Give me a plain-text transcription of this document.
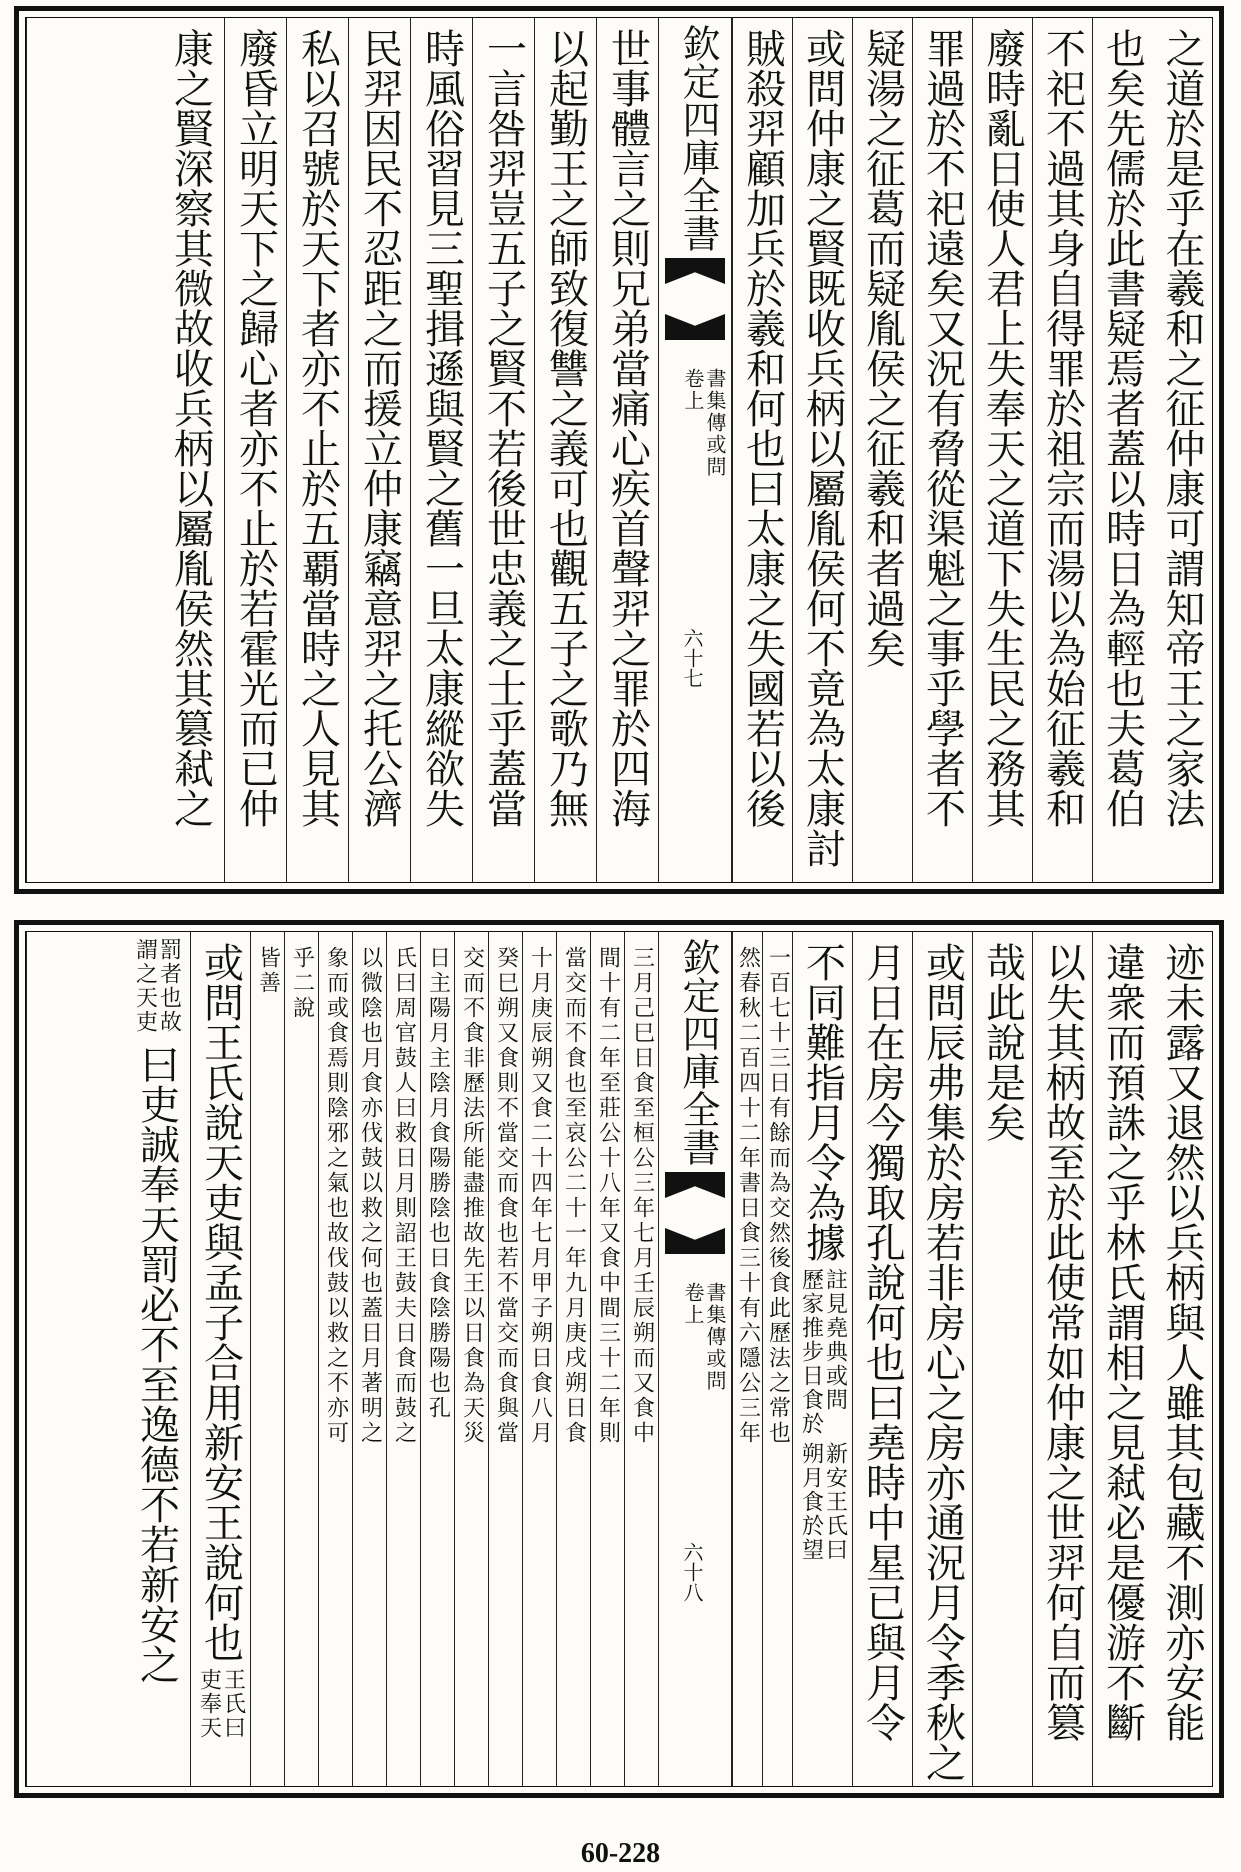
之道於是乎在羲和之征仲康可謂知帝王之家法
也矣先儒於此書疑焉者蓋以時日為輕也夫葛伯
不祀不過其身自得罪於祖宗而湯以為始征羲和
廢時亂日使人君上失奉天之道下失生民之務其
罪過於不祀遠矣又況有脅從渠魁之事乎學者不
疑湯之征葛而疑胤侯之征羲和者過矣
或問仲康之賢既收兵柄以屬胤侯何不竟為太康討
賊殺羿顧加兵於羲和何也曰太康之失國若以後
欽定四庫全書
書集傳或問
卷上
六十七
世事體言之則兄弟當痛心疾首聲羿之罪於四海
以起勤王之師致復讐之義可也觀五子之歌乃無
一言咎羿豈五子之賢不若後世忠義之士乎蓋當
時風俗習見三聖揖遜與賢之舊一旦太康縱欲失
民羿因民不忍距之而援立仲康竊意羿之托公濟
私以召號於天下者亦不止於五覇當時之人見其
廢昏立明天下之歸心者亦不止於若霍光而已仲
康之賢深察其微故收兵柄以屬胤侯然其篡弒之
迹未露又退然以兵柄與人雖其包藏不測亦安能
違衆而預誅之乎林氏謂相之見弒必是優游不斷
以失其柄故至於此使常如仲康之世羿何自而篡
哉此說是矣
或問辰弗集於房若非房心之房亦通況月令季秋之
月日在房今獨取孔說何也曰堯時中星已與月令
不同難指月令為據
註見堯典或問
歷家推步日食於
新安王氏曰
朔月食於望
一百七十三日有餘而為交然後食此歷法之常也
然春秋二百四十二年書日食三十有六隱公三年
欽定四庫全書
書集傳或問
卷上
六十八
三月己巳日食至桓公三年七月壬辰朔而又食中
間十有二年至莊公十八年又食中間三十二年則
當交而不食也至哀公二十一年九月庚戌朔日食
十月庚辰朔又食二十四年七月甲子朔日食八月
癸巳朔又食則不當交而食也若不當交而食與當
交而不食非歷法所能盡推故先王以日食為天災
日主陽月主陰月食陽勝陰也日食陰勝陽也孔
氏曰周官鼓人曰救日月則詔王鼓夫日食而鼓之
以微陰也月食亦伐鼓以救之何也蓋日月著明之
象而或食焉則陰邪之氣也故伐鼓以救之不亦可
乎二說
皆善
或問王氏說天吏與孟子合用新安王說何也
王氏曰
吏奉天
罰者也故
謂之天吏
曰吏誠奉天罰必不至逸德不若新安之
60-228
